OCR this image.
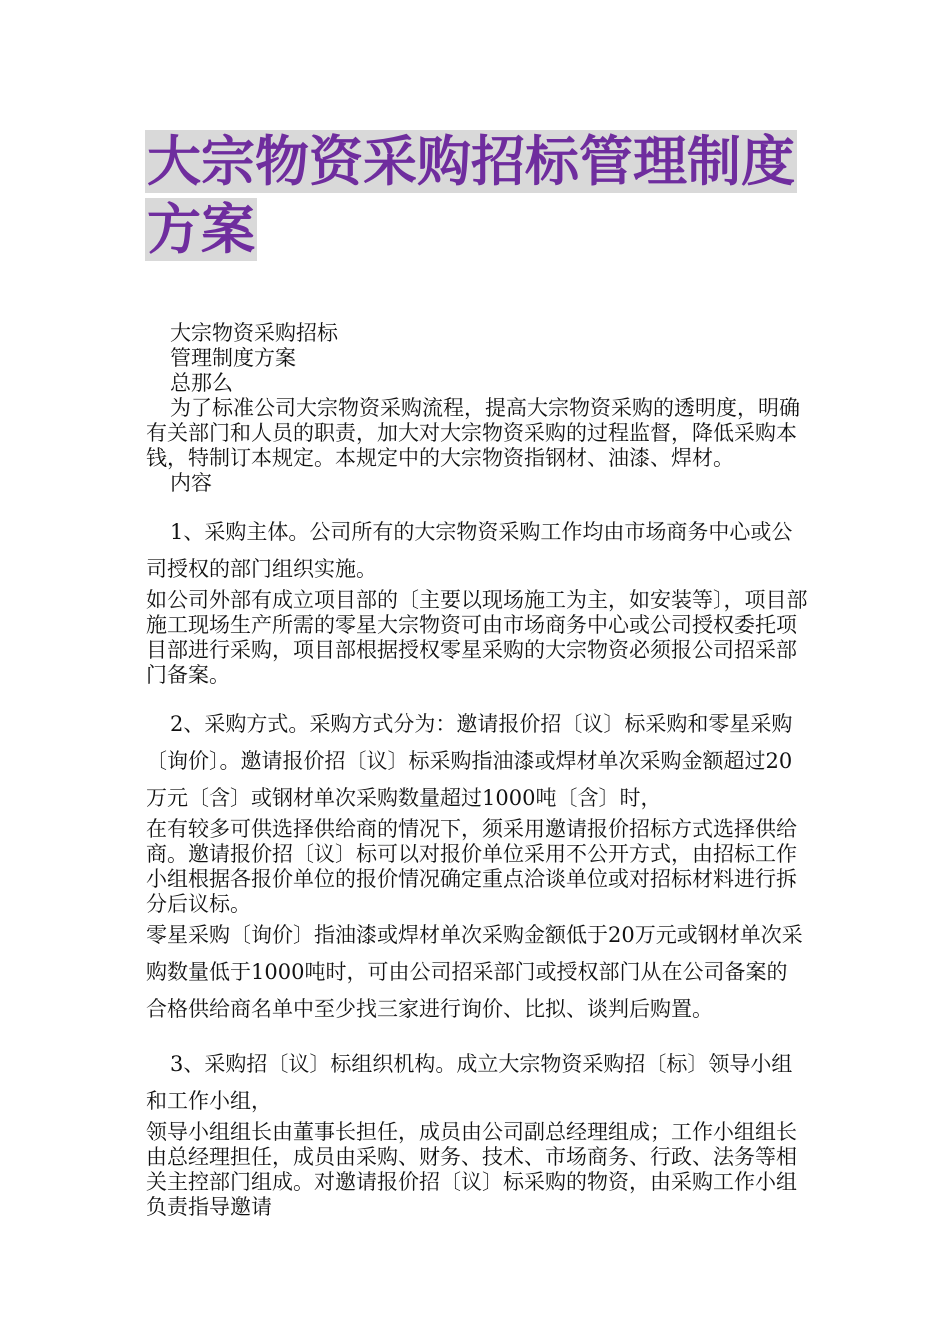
大宗物资采购招标管理制度方案

大宗物资采购招标

管理制度方案

总那么

为了标准公司大宗物资采购流程，提高大宗物资采购的透明度，明确有关部门和人员的职责，加大对大宗物资采购的过程监督，降低采购本钱，特制订本规定。本规定中的大宗物资指钢材、油漆、焊材。

内容

1、采购主体。公司所有的大宗物资采购工作均由市场商务中心或公司授权的部门组织实施。

如公司外部有成立项目部的〔主要以现场施工为主，如安装等〕，项目部施工现场生产所需的零星大宗物资可由市场商务中心或公司授权委托项目部进行采购，项目部根据授权零星采购的大宗物资必须报公司招采部门备案。

2、采购方式。采购方式分为：邀请报价招〔议〕标采购和零星采购〔询价〕。邀请报价招〔议〕标采购指油漆或焊材单次采购金额超过20万元〔含〕或钢材单次采购数量超过1000吨〔含〕时，

在有较多可供选择供给商的情况下，须采用邀请报价招标方式选择供给商。邀请报价招〔议〕标可以对报价单位采用不公开方式，由招标工作小组根据各报价单位的报价情况确定重点洽谈单位或对招标材料进行拆分后议标。

零星采购〔询价〕指油漆或焊材单次采购金额低于20万元或钢材单次采购数量低于1000吨时，可由公司招采部门或授权部门从在公司备案的合格供给商名单中至少找三家进行询价、比拟、谈判后购置。

3、采购招〔议〕标组织机构。成立大宗物资采购招〔标〕领导小组和工作小组，

领导小组组长由董事长担任，成员由公司副总经理组成；工作小组组长由总经理担任，成员由采购、财务、技术、市场商务、行政、法务等相关主控部门组成。对邀请报价招〔议〕标采购的物资，由采购工作小组负责指导邀请
